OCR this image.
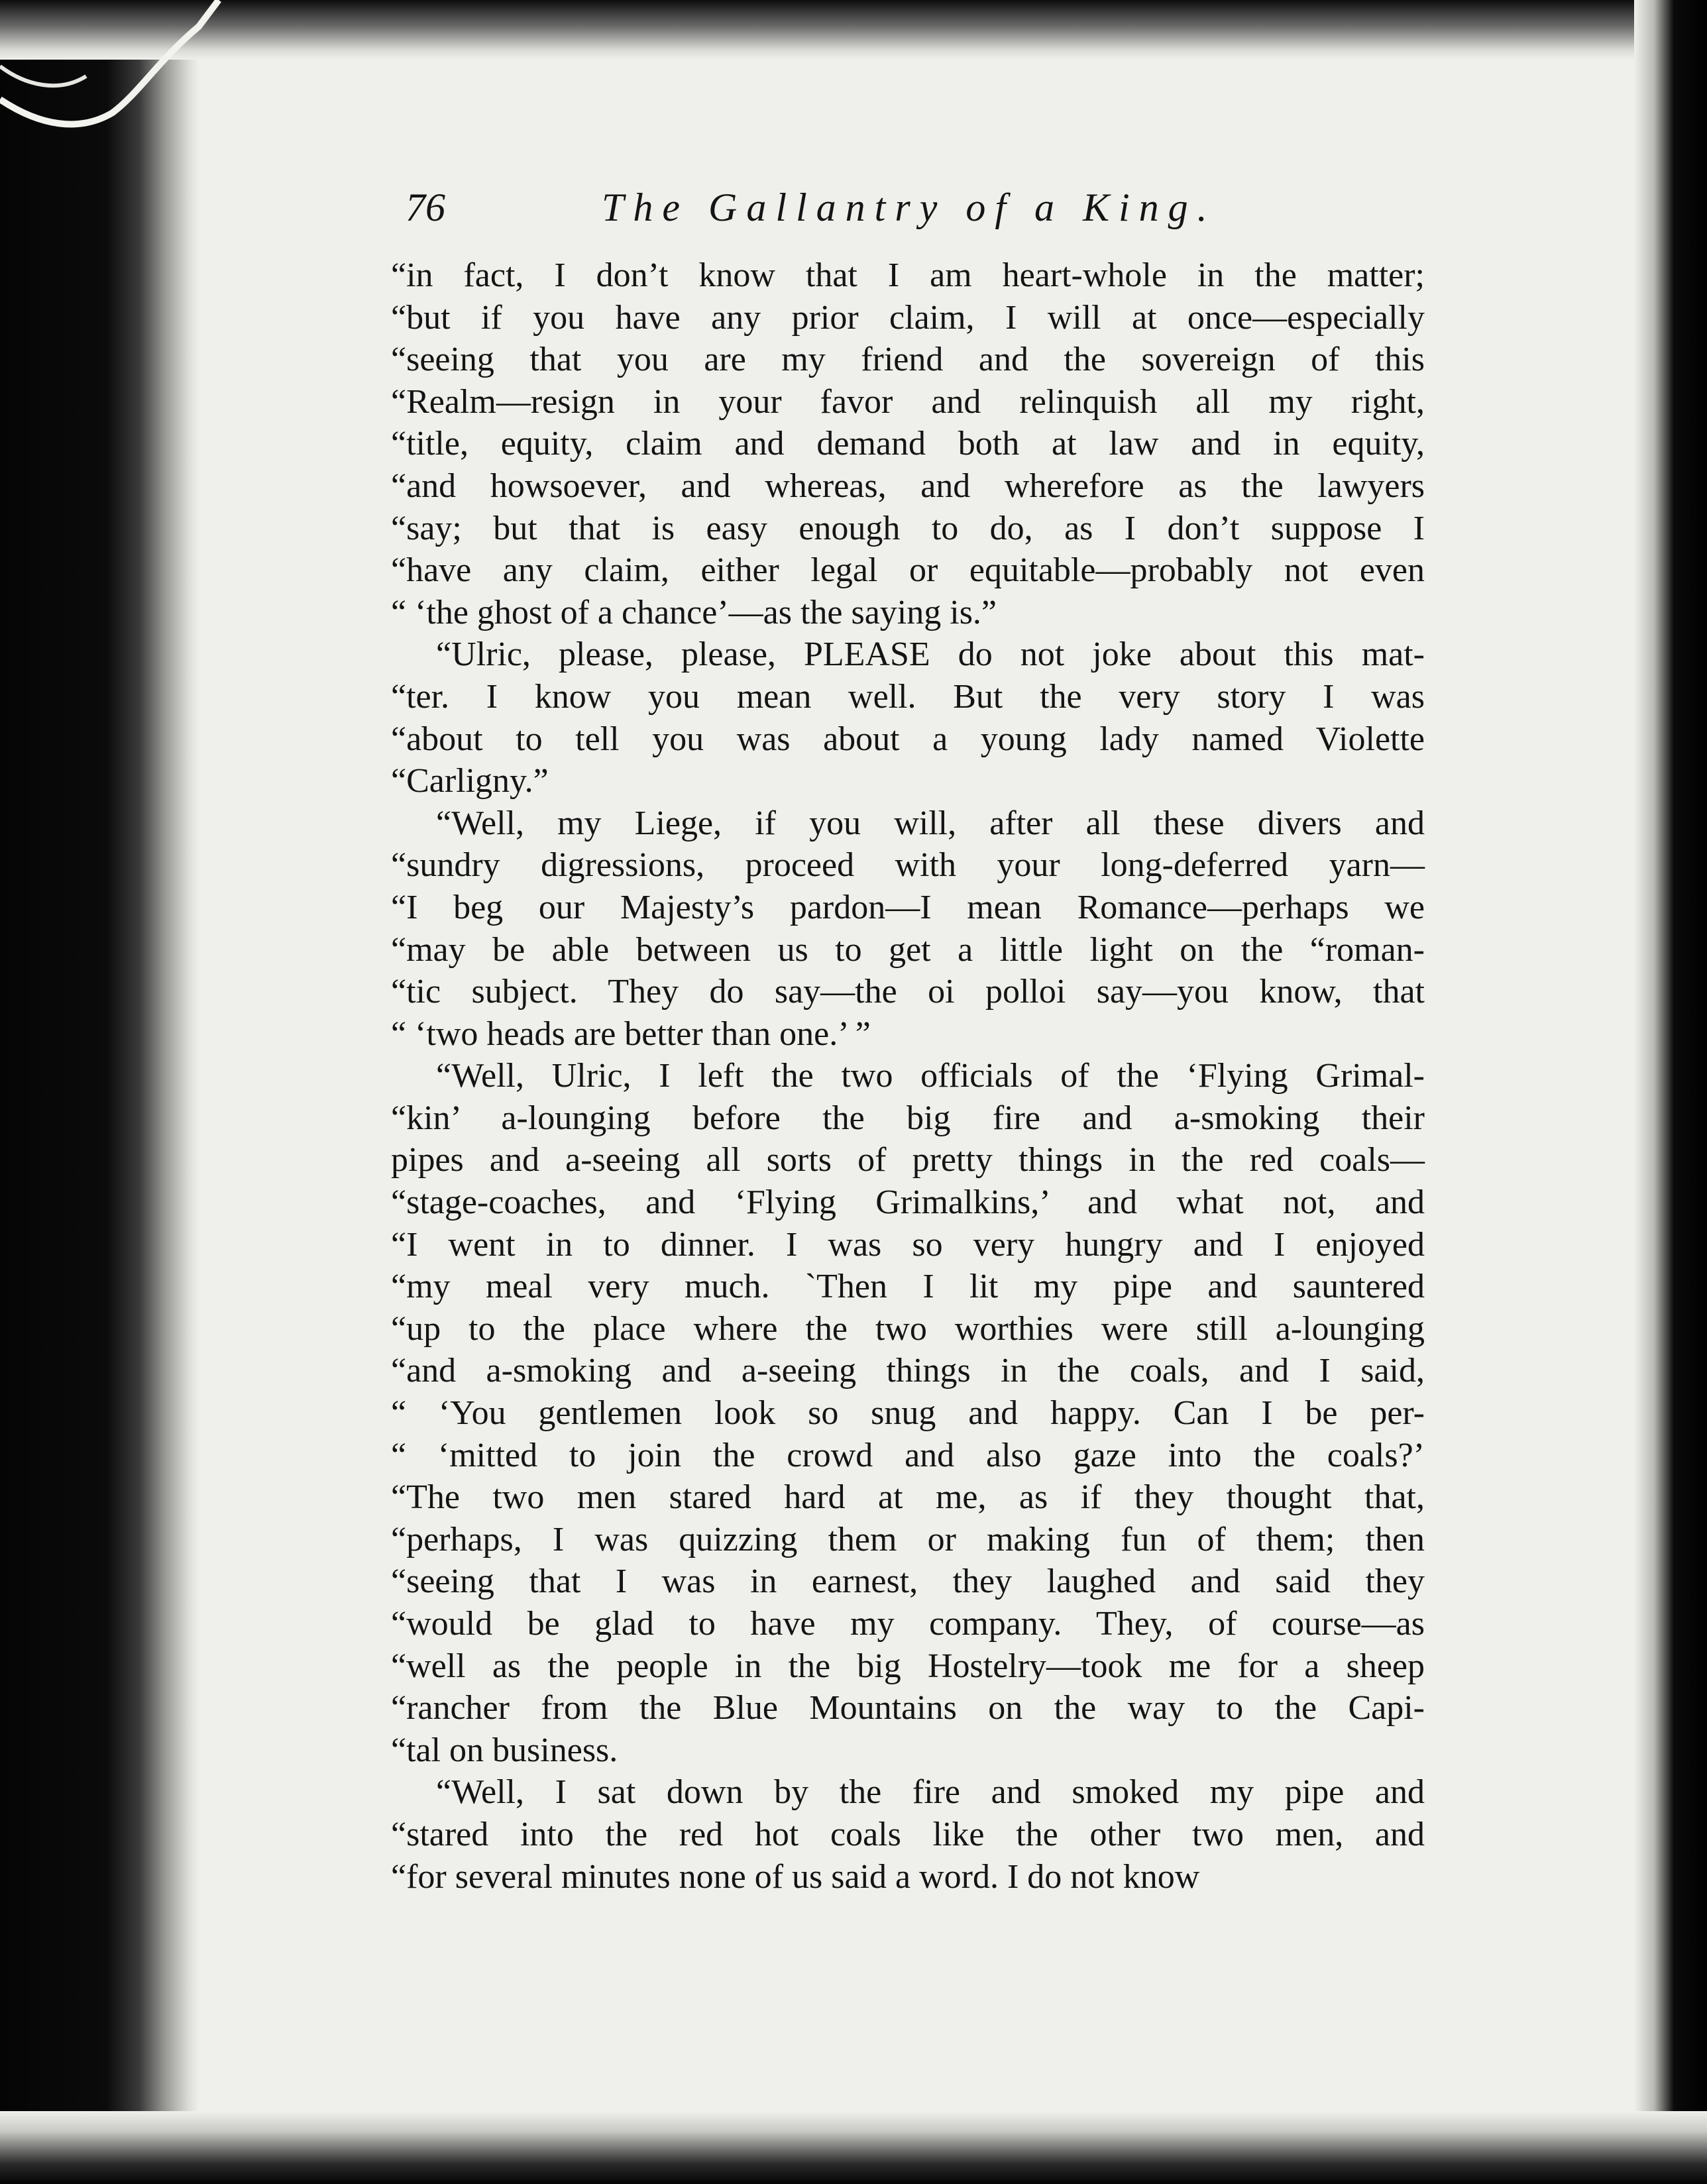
76	The Gallantry of a King.
“in fact, I don’t know that I am heart-whole in the matter;
“but if you have any prior claim, I will at once—especially
“seeing that you are my friend and the sovereign of this
“Realm—resign in your favor and relinquish all my right,
“title, equity, claim and demand both at law and in equity,
“and howsoever, and whereas, and wherefore as the lawyers
“say; but that is easy enough to do, as I don’t suppose I
“have any claim, either legal or equitable—probably not even
“ ‘the ghost of a chance’—as the saying is.”
“Ulric, please, please, PLEASE do not joke about this mat-
“ter. I know you mean well. But the very story I was
“about to tell you was about a young lady named Violette
“Carligny.”
“Well, my Liege, if you will, after all these divers and
“sundry digressions, proceed with your long-deferred yarn—
“I beg our Majesty’s pardon—I mean Romance—perhaps we
“may be able between us to get a little light on the “roman-
“tic subject. They do say—the oi polloi say—you know, that
“ ‘two heads are better than one.’ ”
“Well, Ulric, I left the two officials of the ‘Flying Grimal-
“kin’ a-lounging before the big fire and a-smoking their
pipes and a-seeing all sorts of pretty things in the red coals—
“stage-coaches, and ‘Flying Grimalkins,’ and what not, and
“I went in to dinner. I was so very hungry and I enjoyed
“my meal very much. `Then I lit my pipe and sauntered
“up to the place where the two worthies were still a-lounging
“and a-smoking and a-seeing things in the coals, and I said,
“ ‘You gentlemen look so snug and happy. Can I be per-
“ ‘mitted to join the crowd and also gaze into the coals?’
“The two men stared hard at me, as if they thought that,
“perhaps, I was quizzing them or making fun of them; then
“seeing that I was in earnest, they laughed and said they
“would be glad to have my company. They, of course—as
“well as the people in the big Hostelry—took me for a sheep
“rancher from the Blue Mountains on the way to the Capi-
“tal on business.
“Well, I sat down by the fire and smoked my pipe and
“stared into the red hot coals like the other two men, and
“for several minutes none of us said a word. I do not know
